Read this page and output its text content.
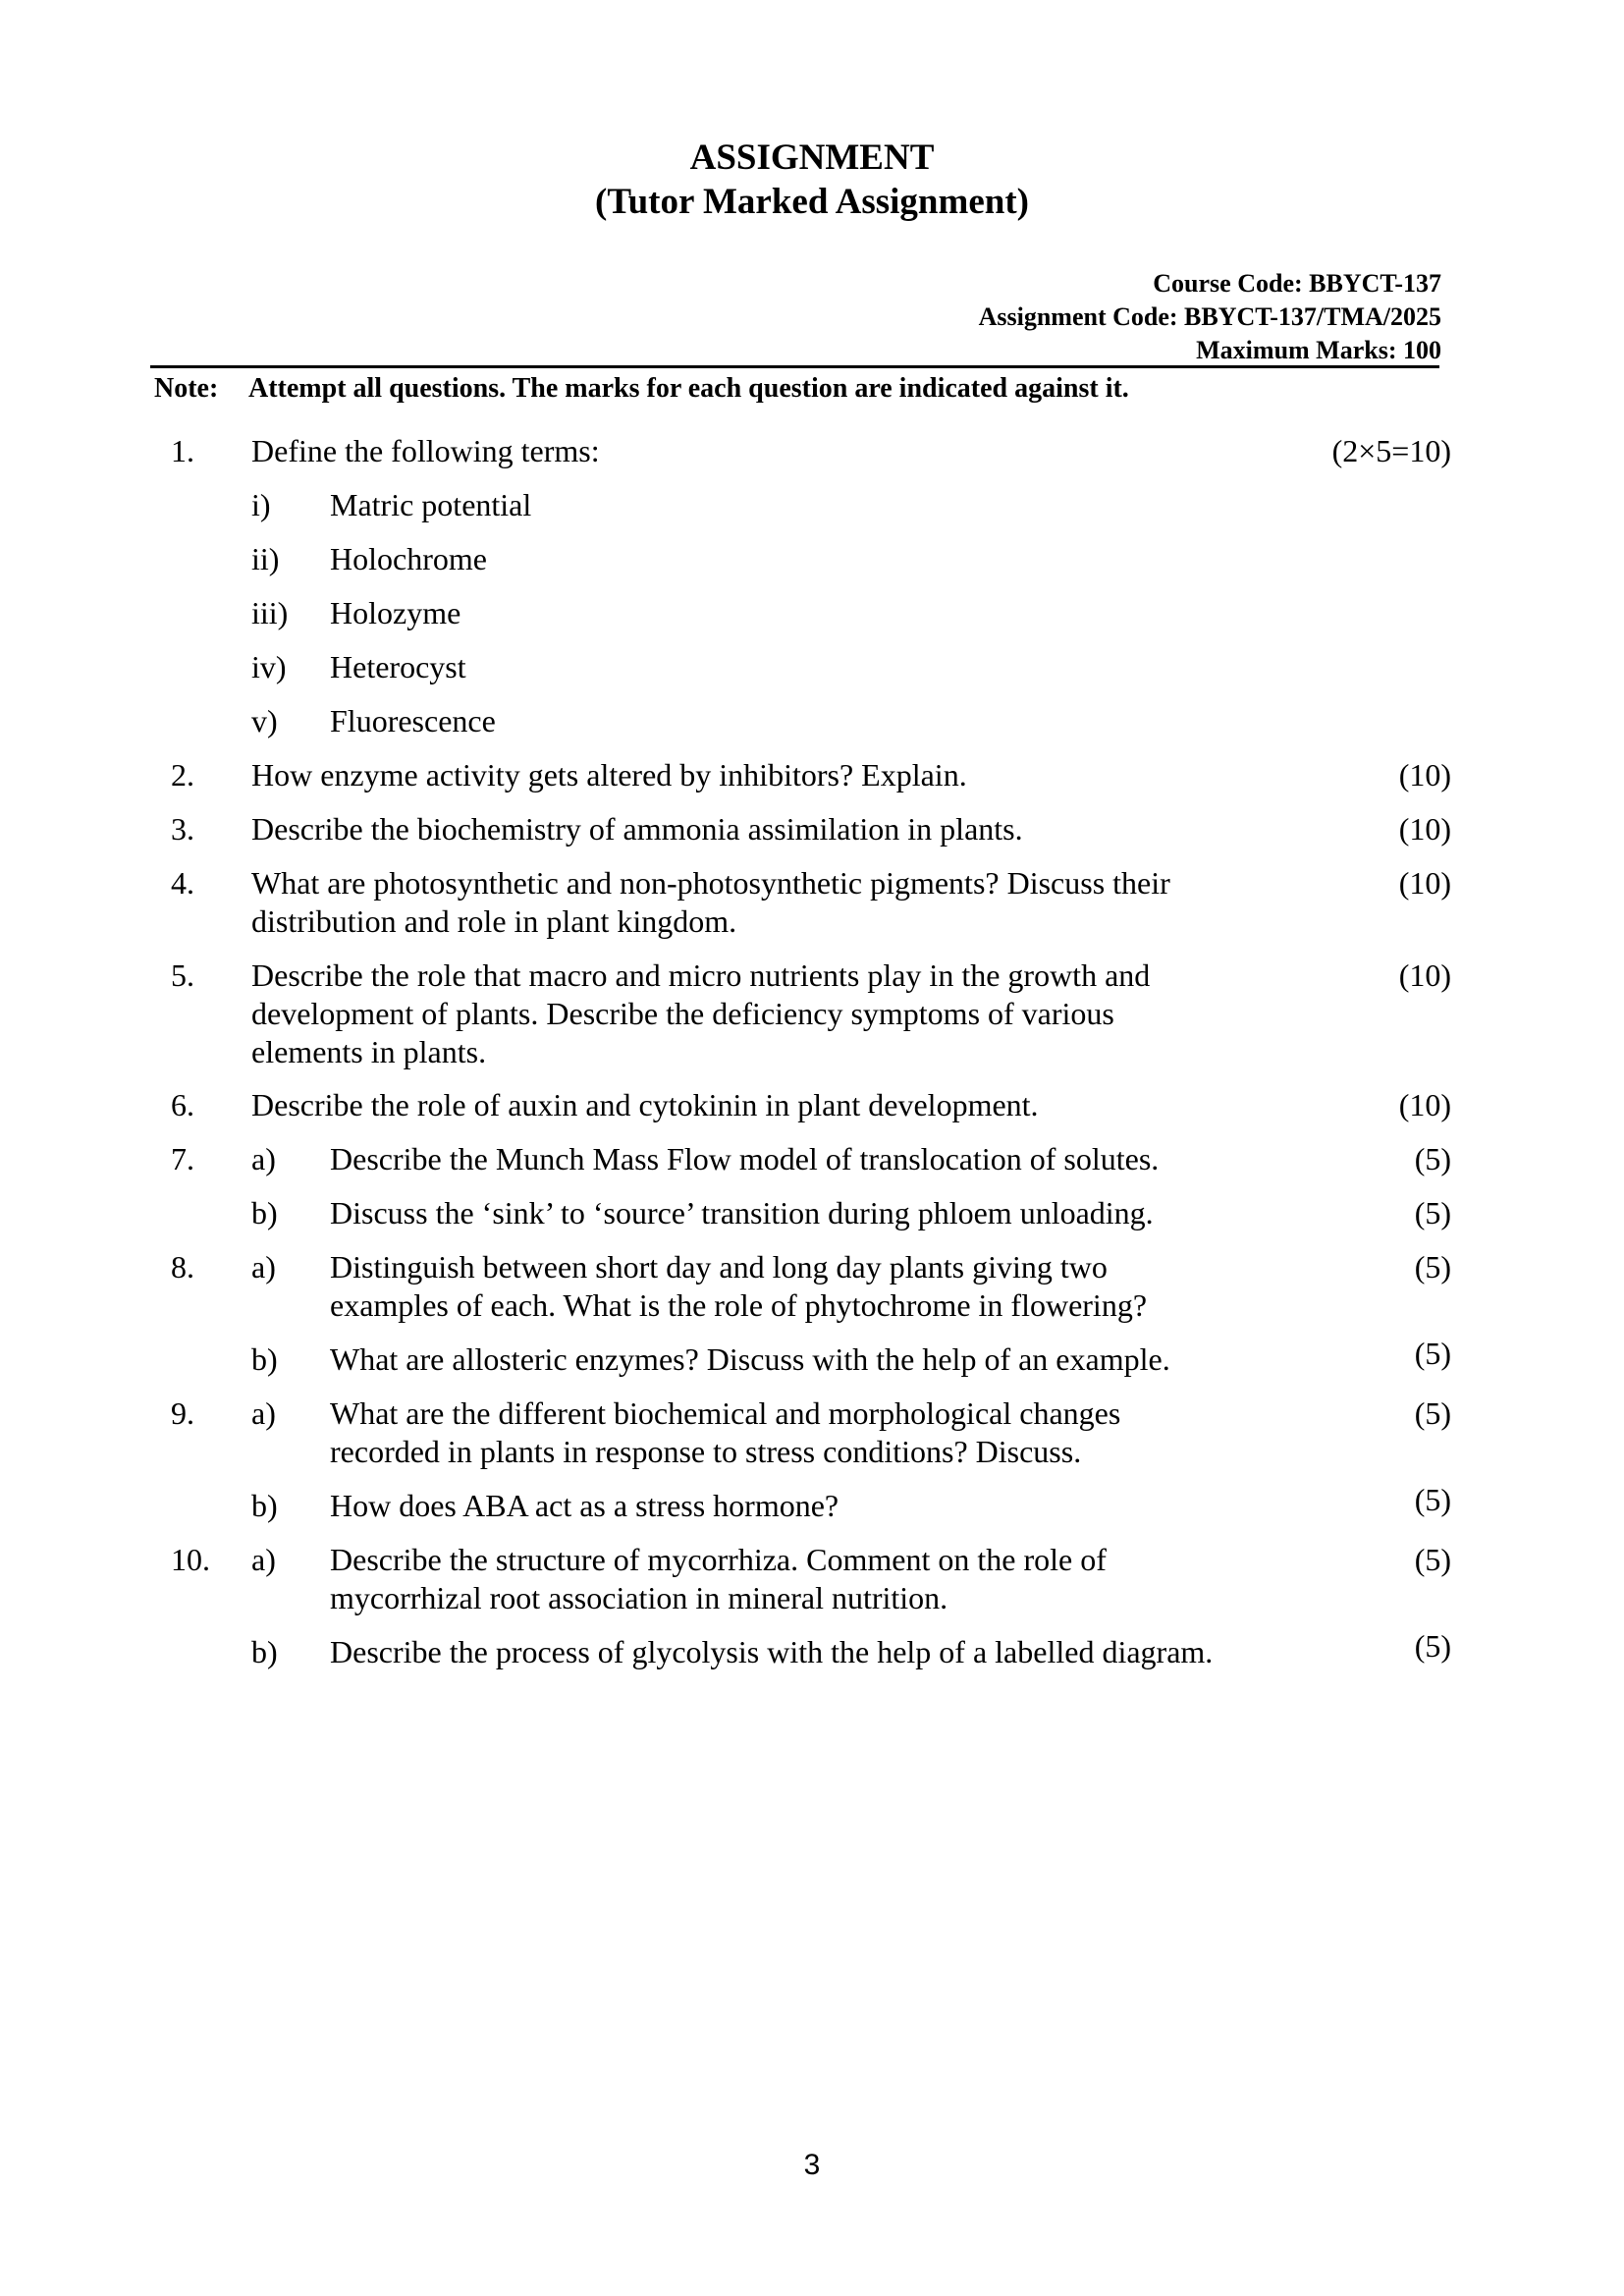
ASSIGNMENT
(Tutor Marked Assignment)
Course Code: BBYCT-137
Assignment Code: BBYCT-137/TMA/2025
Maximum Marks: 100
Note: Attempt all questions. The marks for each question are indicated against it.
1. Define the following terms:	(2×5=10)
i) Matric potential
ii) Holochrome
iii) Holozyme
iv) Heterocyst
v) Fluorescence
2. How enzyme activity gets altered by inhibitors? Explain.	(10)
3. Describe the biochemistry of ammonia assimilation in plants.	(10)
4. What are photosynthetic and non-photosynthetic pigments? Discuss their
distribution and role in plant kingdom.
(10)
5. Describe the role that macro and micro nutrients play in the growth and
development of plants. Describe the deficiency symptoms of various
elements in plants.
(10)
6. Describe the role of auxin and cytokinin in plant development.	(10)
7. a) Describe the Munch Mass Flow model of translocation of solutes.	(5)
b) Discuss the ‘sink’ to ‘source’ transition during phloem unloading.	(5)
8. a) Distinguish between short day and long day plants giving two
examples of each. What is the role of phytochrome in flowering?
(5)
b) What are allosteric enzymes? Discuss with the help of an example.	(5)
9. a) What are the different biochemical and morphological changes
recorded in plants in response to stress conditions? Discuss.
(5)
b) How does ABA act as a stress hormone?	(5)
10. a) Describe the structure of mycorrhiza. Comment on the role of
mycorrhizal root association in mineral nutrition.
(5)
b) Describe the process of glycolysis with the help of a labelled diagram.	(5)
3
